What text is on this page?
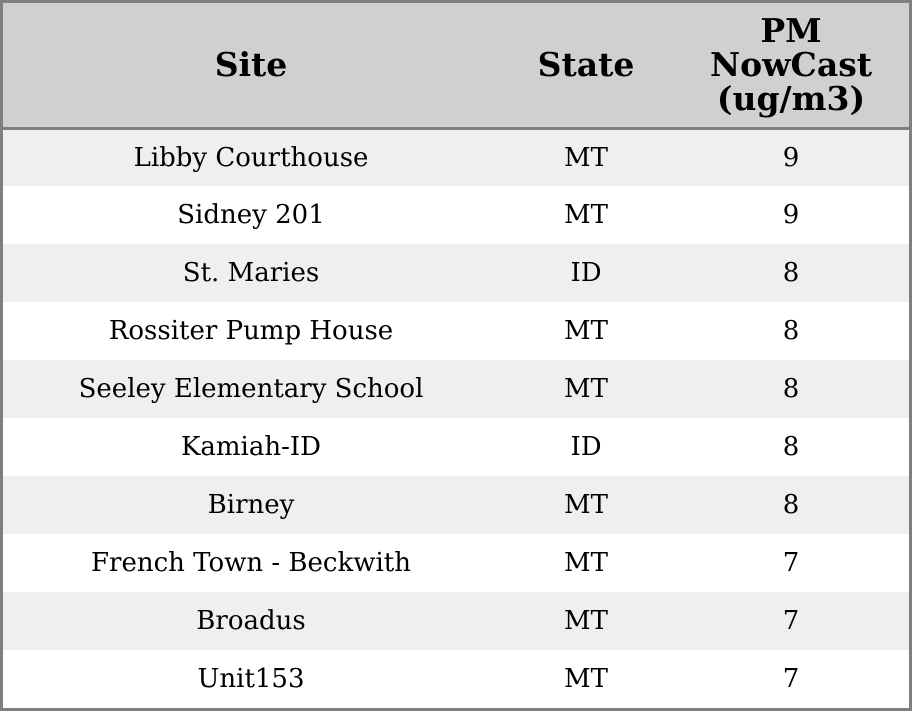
Site	State	PM
NowCast
(ug/m3)

Libby Courthouse	MT	9
Sidney 201	MT	9
St. Maries	ID	8
Rossiter Pump House	MT	8
Seeley Elementary School	MT	8
Kamiah-ID	ID	8
Birney	MT	8
French Town - Beckwith	MT	7
Broadus	MT	7
Unit153	MT	7
